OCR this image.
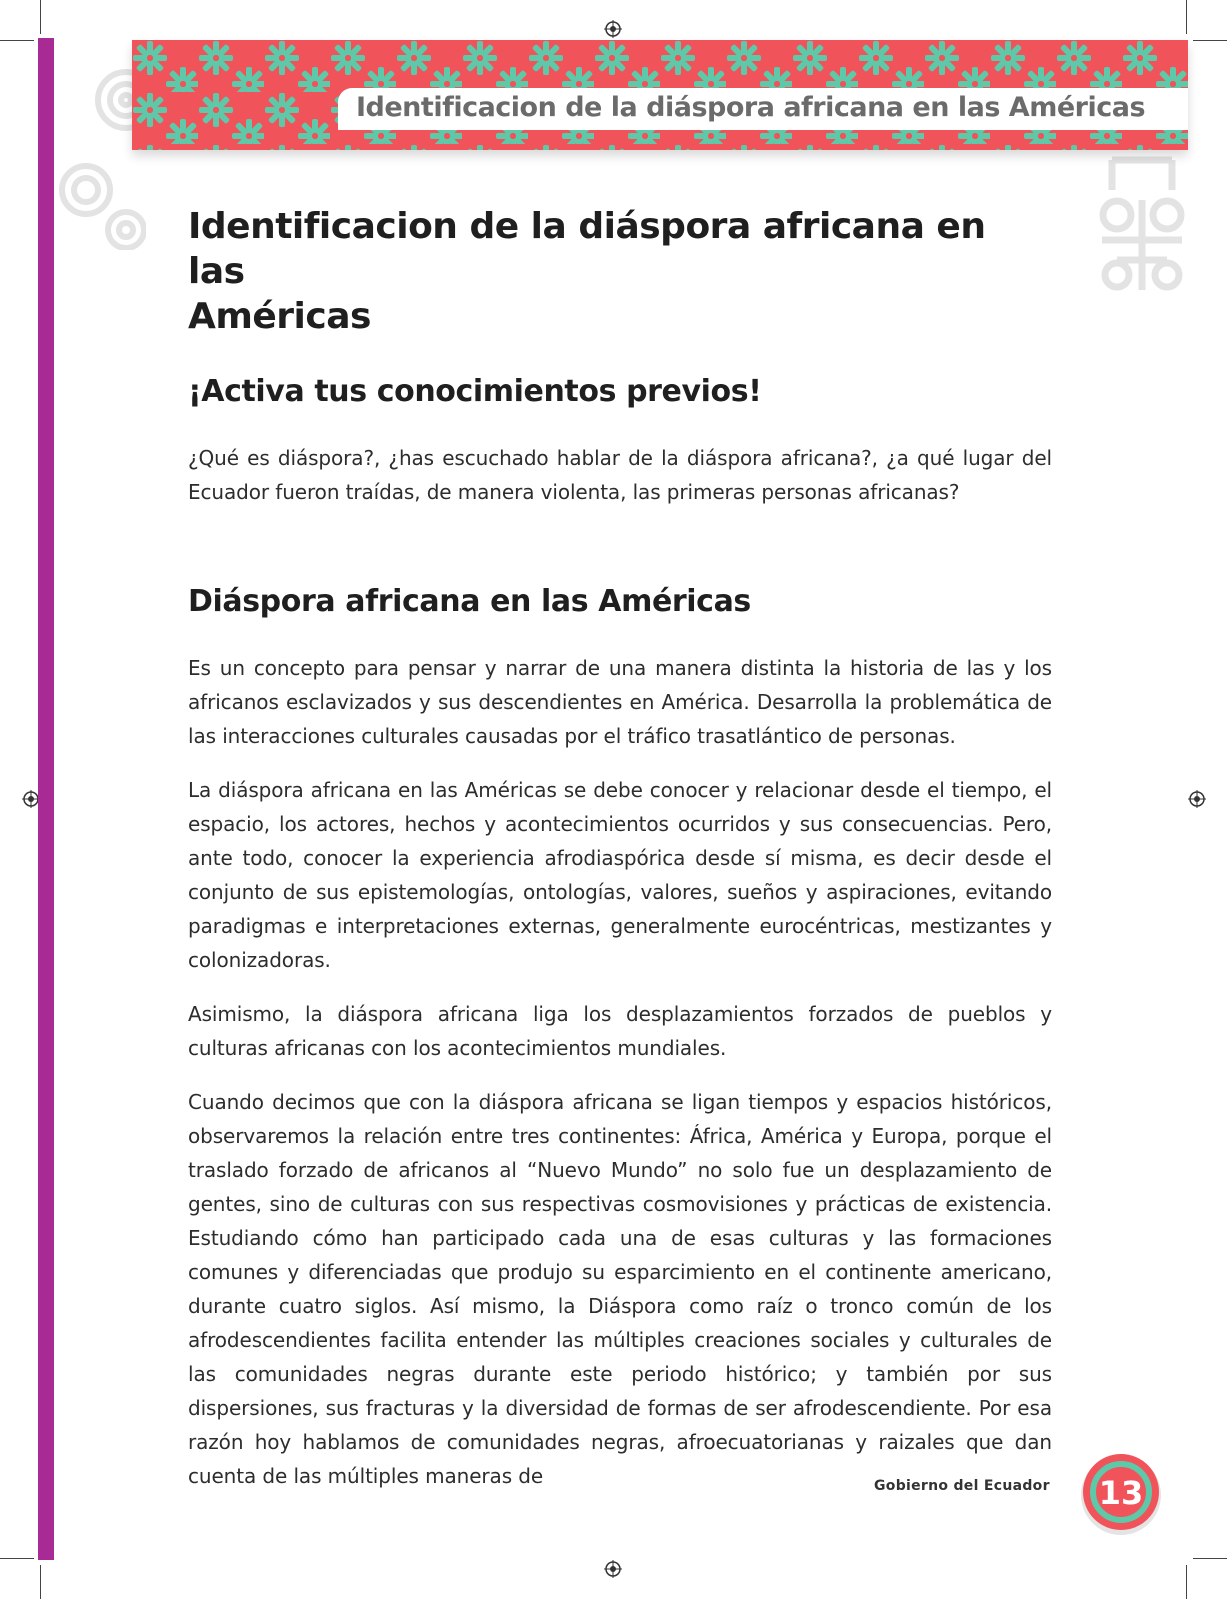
Identificacion de la diáspora africana en las Américas
Identificacion de la diáspora africana en las
Américas
¡Activa tus conocimientos previos!

¿Qué es diáspora?, ¿has escuchado hablar de la diáspora africana?, ¿a qué lugar del Ecuador fueron traídas, de manera violenta, las primeras personas africanas?

Diáspora africana en las Américas

Es un concepto para pensar y narrar de una manera distinta la historia de las y los africanos esclavizados y sus descendientes en América. Desarrolla la problemática de las interacciones culturales causadas por el tráfico trasatlántico de personas.

La diáspora africana en las Américas se debe conocer y relacionar desde el tiempo, el espacio, los actores, hechos y acontecimientos ocurridos y sus consecuencias. Pero, ante todo, conocer la experiencia afrodiaspórica desde sí misma, es decir desde el conjunto de sus epistemologías, ontologías, valores, sueños y aspiraciones, evitando paradigmas e interpretaciones externas, generalmente eurocéntricas, mestizantes y colonizadoras.

Asimismo, la diáspora africana liga los desplazamientos forzados de pueblos y culturas africanas con los acontecimientos mundiales.

Cuando decimos que con la diáspora africana se ligan tiempos y espacios históricos, observaremos la relación entre tres continentes: África, América y Europa, porque el traslado forzado de africanos al “Nuevo Mundo” no solo fue un desplazamiento de gentes, sino de culturas con sus respectivas cosmovisiones y prácticas de existencia. Estudiando cómo han participado cada una de esas culturas y las formaciones comunes y diferenciadas que produjo su esparcimiento en el continente americano, durante cuatro siglos. Así mismo, la Diáspora como raíz o tronco común de los afrodescendientes facilita entender las múltiples creaciones sociales y culturales de las comunidades negras durante este periodo histórico; y también por sus dispersiones, sus fracturas y la diversidad de formas de ser afrodescendiente. Por esa razón hoy hablamos de comunidades negras, afroecuatorianas y raizales que dan cuenta de las múltiples maneras de	Gobierno del Ecuador	13
